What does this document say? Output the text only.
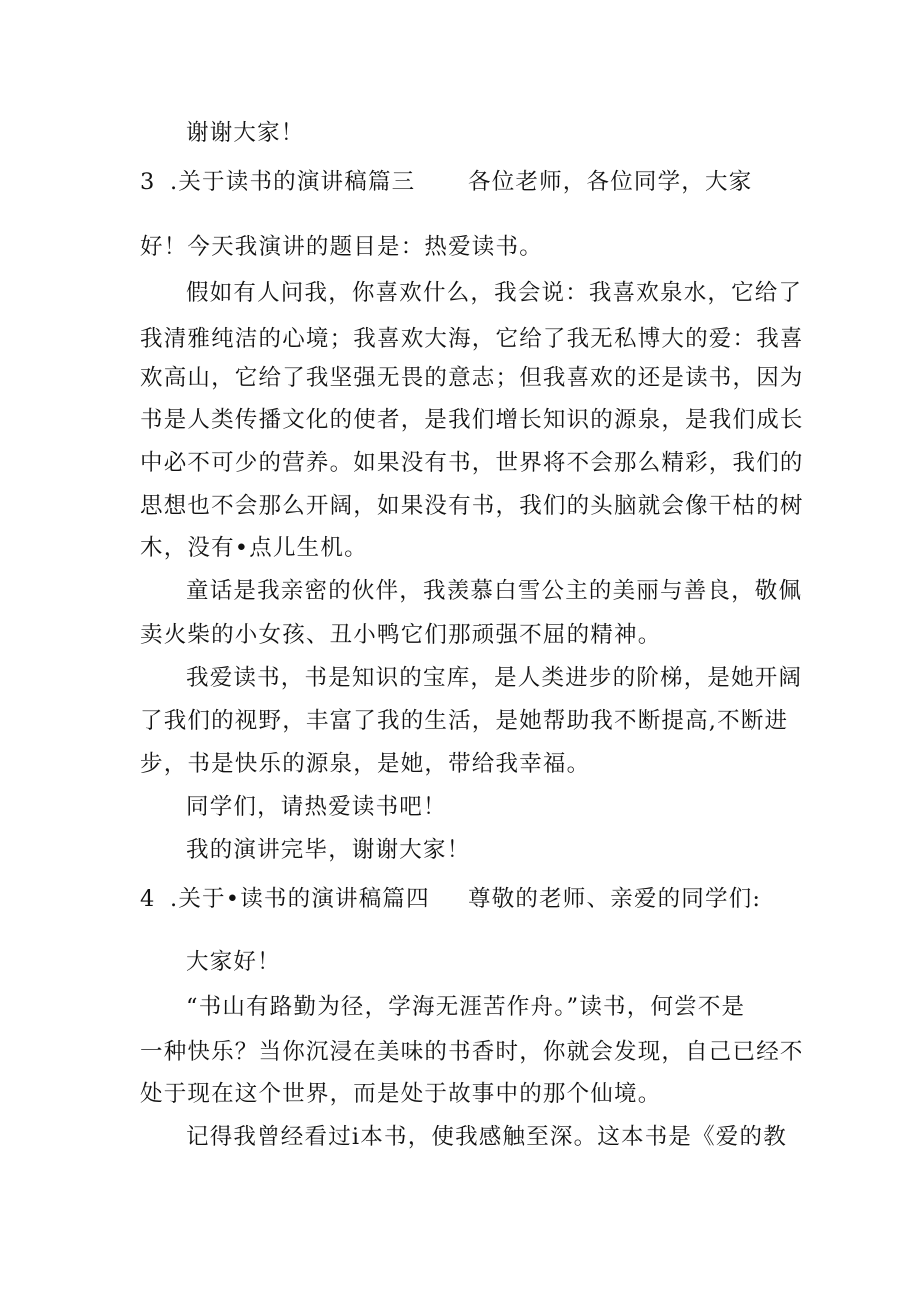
谢谢大家！
3 .关于读书的演讲稿篇三 各位老师，各位同学，大家
好！今天我演讲的题目是：热爱读书。
假如有人问我，你喜欢什么，我会说：我喜欢泉水，它给了
我清雅纯洁的心境；我喜欢大海，它给了我无私博大的爱：我喜
欢高山，它给了我坚强无畏的意志；但我喜欢的还是读书，因为
书是人类传播文化的使者，是我们增长知识的源泉，是我们成长
中必不可少的营养。如果没有书，世界将不会那么精彩，我们的
思想也不会那么开阔，如果没有书，我们的头脑就会像干枯的树
木，没有•点儿生机。
童话是我亲密的伙伴，我羡慕白雪公主的美丽与善良，敬佩
卖火柴的小女孩、丑小鸭它们那顽强不屈的精神。
我爱读书，书是知识的宝库，是人类进步的阶梯，是她开阔
了我们的视野，丰富了我的生活，是她帮助我不断提高,不断进
步，书是快乐的源泉，是她，带给我幸福。
同学们，请热爱读书吧！
我的演讲完毕，谢谢大家！
4 .关于•读书的演讲稿篇四 尊敬的老师、亲爱的同学们:
大家好！
“书山有路勤为径，学海无涯苦作舟。”读书，何尝不是
一种快乐？当你沉浸在美味的书香时，你就会发现，自己已经不
处于现在这个世界，而是处于故事中的那个仙境。
记得我曾经看过i本书，使我感触至深。这本书是《爱的教
